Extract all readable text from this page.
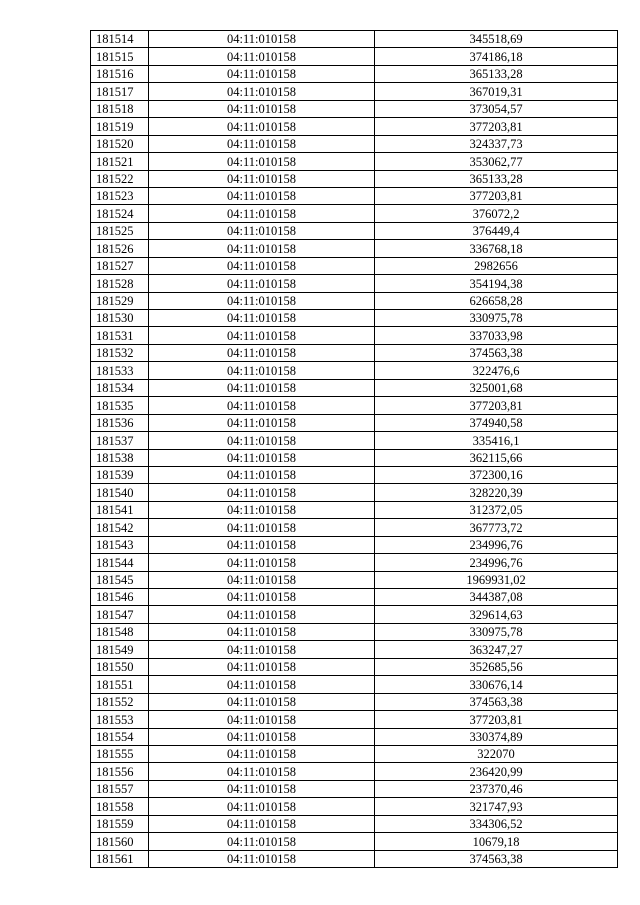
181514	04:11:010158	345518,69
181515	04:11:010158	374186,18
181516	04:11:010158	365133,28
181517	04:11:010158	367019,31
181518	04:11:010158	373054,57
181519	04:11:010158	377203,81
181520	04:11:010158	324337,73
181521	04:11:010158	353062,77
181522	04:11:010158	365133,28
181523	04:11:010158	377203,81
181524	04:11:010158	376072,2
181525	04:11:010158	376449,4
181526	04:11:010158	336768,18
181527	04:11:010158	2982656
181528	04:11:010158	354194,38
181529	04:11:010158	626658,28
181530	04:11:010158	330975,78
181531	04:11:010158	337033,98
181532	04:11:010158	374563,38
181533	04:11:010158	322476,6
181534	04:11:010158	325001,68
181535	04:11:010158	377203,81
181536	04:11:010158	374940,58
181537	04:11:010158	335416,1
181538	04:11:010158	362115,66
181539	04:11:010158	372300,16
181540	04:11:010158	328220,39
181541	04:11:010158	312372,05
181542	04:11:010158	367773,72
181543	04:11:010158	234996,76
181544	04:11:010158	234996,76
181545	04:11:010158	1969931,02
181546	04:11:010158	344387,08
181547	04:11:010158	329614,63
181548	04:11:010158	330975,78
181549	04:11:010158	363247,27
181550	04:11:010158	352685,56
181551	04:11:010158	330676,14
181552	04:11:010158	374563,38
181553	04:11:010158	377203,81
181554	04:11:010158	330374,89
181555	04:11:010158	322070
181556	04:11:010158	236420,99
181557	04:11:010158	237370,46
181558	04:11:010158	321747,93
181559	04:11:010158	334306,52
181560	04:11:010158	10679,18
181561	04:11:010158	374563,38
